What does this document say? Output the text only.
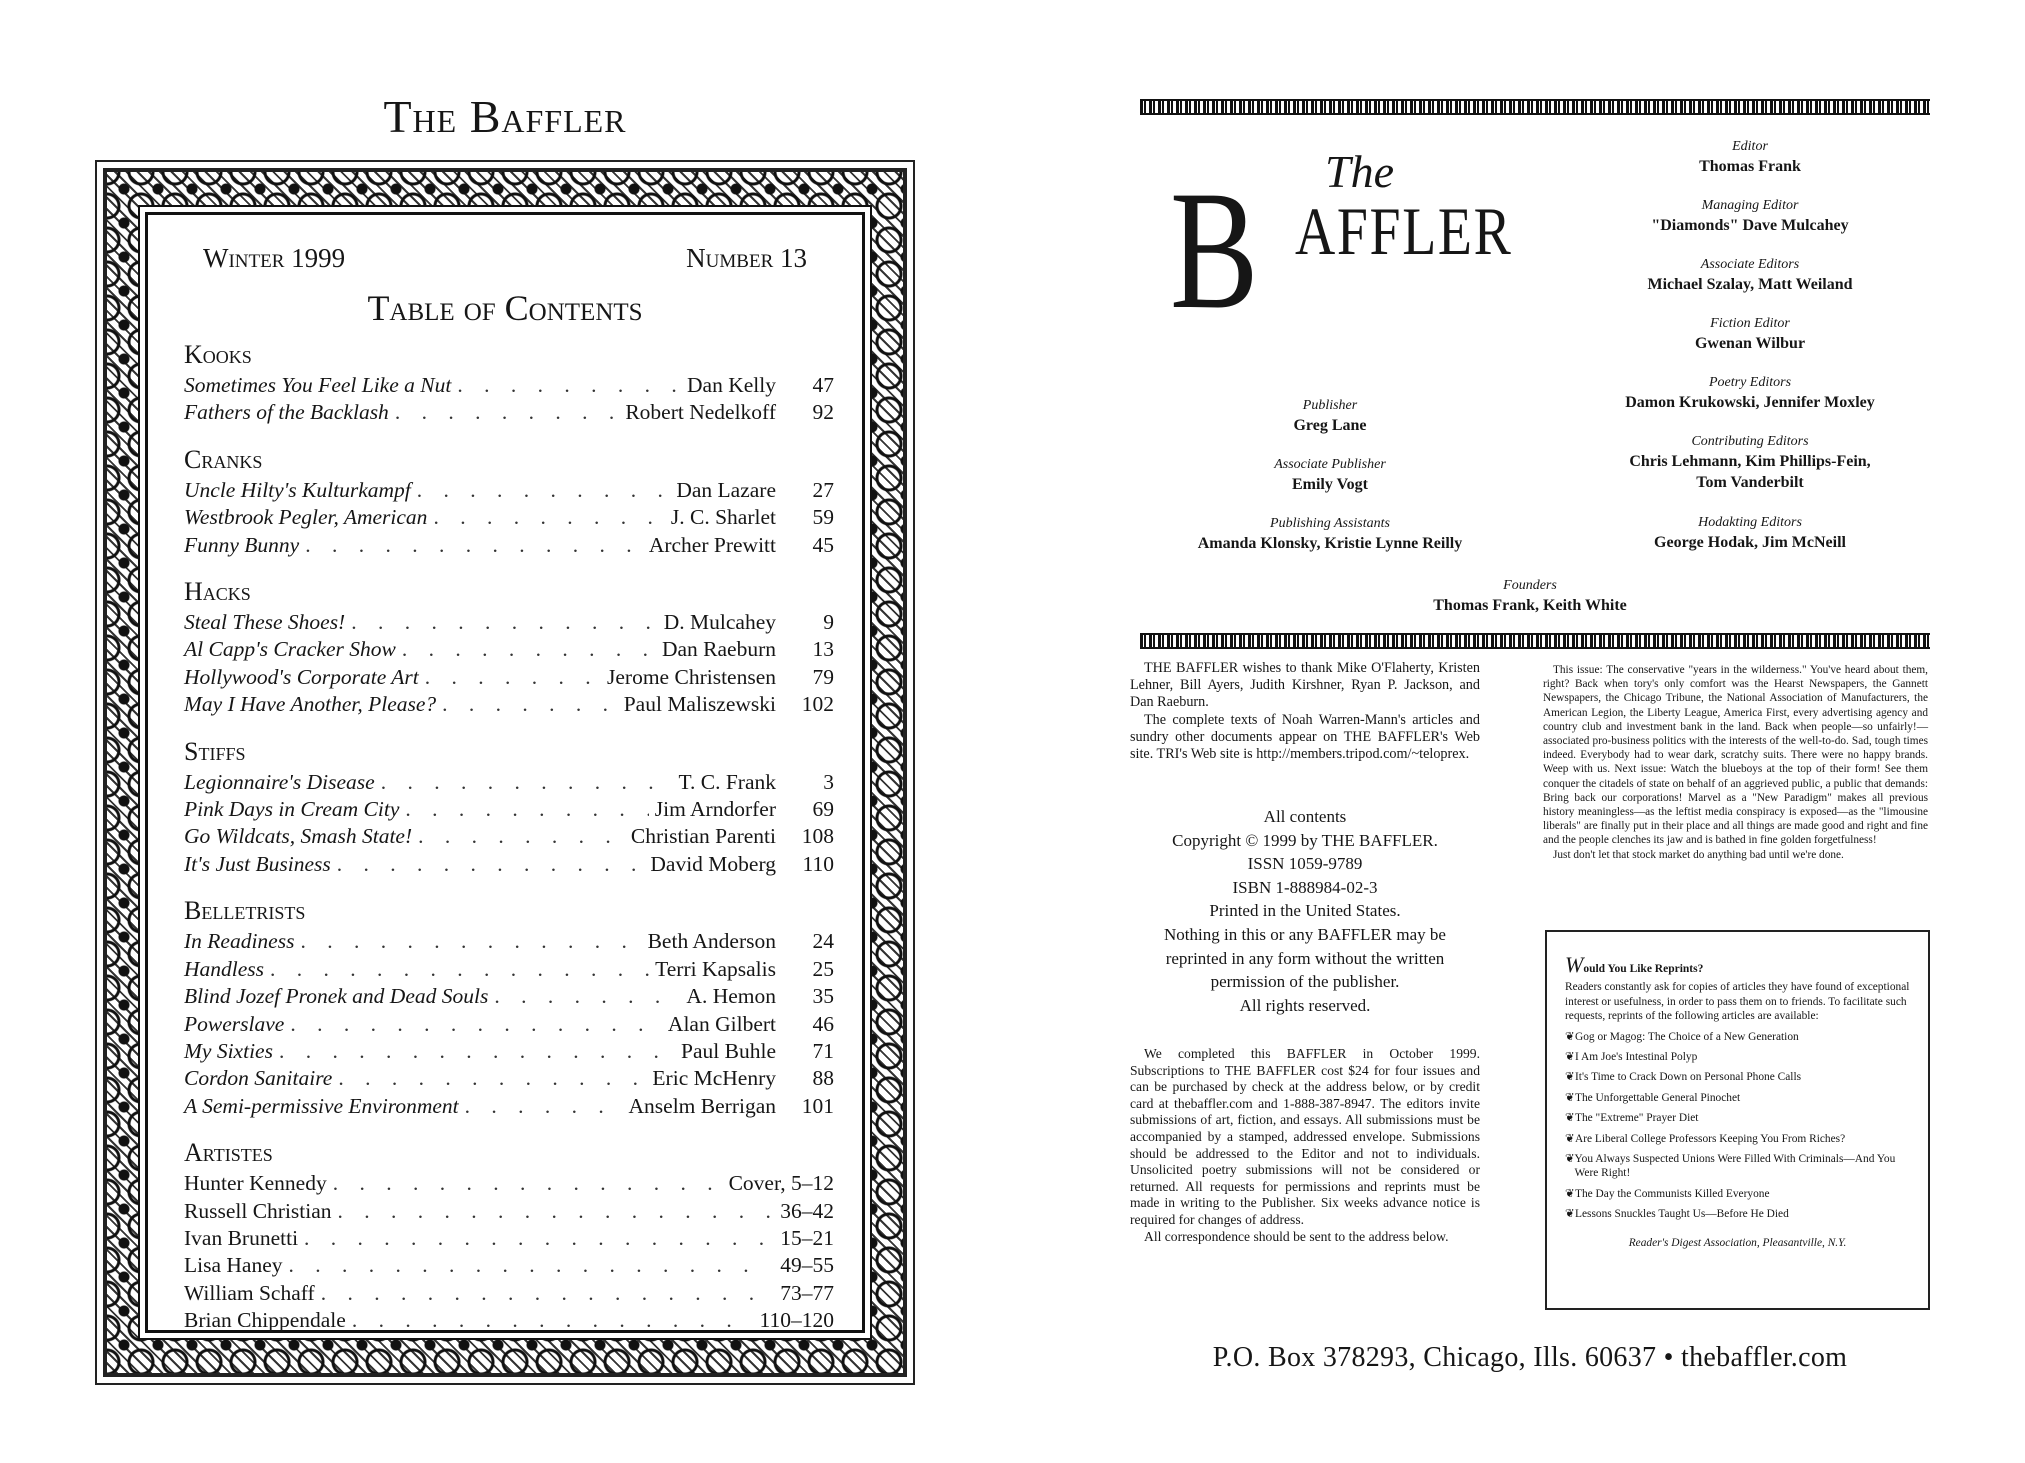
The Baffler
Winter 1999	Number 13
Table of Contents
Kooks
Sometimes You Feel Like a Nut . . .	Dan Kelly	47
Fathers of the Backlash . . .	Robert Nedelkoff	92
Cranks
Uncle Hilty's Kulturkampf . . .	Dan Lazare	27
Westbrook Pegler, American . . .	J. C. Sharlet	59
Funny Bunny . . .	Archer Prewitt	45
Hacks
Steal These Shoes! . . .	D. Mulcahey	9
Al Capp's Cracker Show . . .	Dan Raeburn	13
Hollywood's Corporate Art . . .	Jerome Christensen	79
May I Have Another, Please? . . .	Paul Maliszewski	102
Stiffs
Legionnaire's Disease . . .	T. C. Frank	3
Pink Days in Cream City . . .	Jim Arndorfer	69
Go Wildcats, Smash State! . . .	Christian Parenti	108
It's Just Business . . .	David Moberg	110
Belletrists
In Readiness . . .	Beth Anderson	24
Handless . . .	Terri Kapsalis	25
Blind Jozef Pronek and Dead Souls . . .	A. Hemon	35
Powerslave . . .	Alan Gilbert	46
My Sixties . . .	Paul Buhle	71
Cordon Sanitaire . . .	Eric McHenry	88
A Semi-permissive Environment . . .	Anselm Berrigan	101
Artistes
Hunter Kennedy . . .	Cover, 5–12
Russell Christian . . .	36–42
Ivan Brunetti . . .	15–21
Lisa Haney . . .	49–55
William Schaff . . .	73–77
Brian Chippendale . . .	110–120
The
B AFFLER
Editor
Thomas Frank
Managing Editor
"Diamonds" Dave Mulcahey
Associate Editors
Michael Szalay, Matt Weiland
Fiction Editor
Gwenan Wilbur
Poetry Editors
Damon Krukowski, Jennifer Moxley
Contributing Editors
Chris Lehmann, Kim Phillips-Fein,
Tom Vanderbilt
Hodakting Editors
George Hodak, Jim McNeill
Publisher
Greg Lane
Associate Publisher
Emily Vogt
Publishing Assistants
Amanda Klonsky, Kristie Lynne Reilly
Founders
Thomas Frank, Keith White

THE BAFFLER wishes to thank Mike O'Flaherty, Kristen Lehner, Bill Ayers, Judith Kirshner, Ryan P. Jackson, and Dan Raeburn.

The complete texts of Noah Warren-Mann's articles and sundry other documents appear on THE BAFFLER's Web site. TRI's Web site is http://members.tripod.com/~teloprex.

All contents
Copyright © 1999 by THE BAFFLER.
ISSN 1059-9789
ISBN 1-888984-02-3
Printed in the United States.
Nothing in this or any BAFFLER may be
reprinted in any form without the written
permission of the publisher.
All rights reserved.

We completed this BAFFLER in October 1999. Subscriptions to THE BAFFLER cost $24 for four issues and can be purchased by check at the address below, or by credit card at thebaffler.com and 1-888-387-8947. The editors invite submissions of art, fiction, and essays. All submissions must be accompanied by a stamped, addressed envelope. Submissions should be addressed to the Editor and not to individuals. Unsolicited poetry submissions will not be considered or returned. All requests for permissions and reprints must be made in writing to the Publisher. Six weeks advance notice is required for changes of address.

All correspondence should be sent to the address below.

This issue: The conservative "years in the wilderness." You've heard about them, right? Back when tory's only comfort was the Hearst Newspapers, the Gannett Newspapers, the Chicago Tribune, the National Association of Manufacturers, the American Legion, the Liberty League, America First, every advertising agency and country club and investment bank in the land. Back when people—so unfairly!—associated pro-business politics with the interests of the well-to-do. Sad, tough times indeed. Everybody had to wear dark, scratchy suits. There were no happy brands. Weep with us. Next issue: Watch the blueboys at the top of their form! See them conquer the citadels of state on behalf of an aggrieved public, a public that demands: Bring back our corporations! Marvel as a "New Paradigm" makes all previous history meaningless—as the leftist media conspiracy is exposed—as the "limousine liberals" are finally put in their place and all things are made good and right and fine and the people clenches its jaw and is bathed in fine golden forgetfulness!

Just don't let that stock market do anything bad until we're done.

Would You Like Reprints?
Readers constantly ask for copies of articles they have found of exceptional interest or usefulness, in order to pass them on to friends. To facilitate such requests, reprints of the following articles are available:
❦ Gog or Magog: The Choice of a New Generation
❦ I Am Joe's Intestinal Polyp
❦ It's Time to Crack Down on Personal Phone Calls
❦ The Unforgettable General Pinochet
❦ The "Extreme" Prayer Diet
❦ Are Liberal College Professors Keeping You From Riches?
❦ You Always Suspected Unions Were Filled With Criminals—And You Were Right!
❦ The Day the Communists Killed Everyone
❦ Lessons Snuckles Taught Us—Before He Died
Reader's Digest Association, Pleasantville, N.Y.
P.O. Box 378293, Chicago, Ills. 60637 • thebaffler.com
